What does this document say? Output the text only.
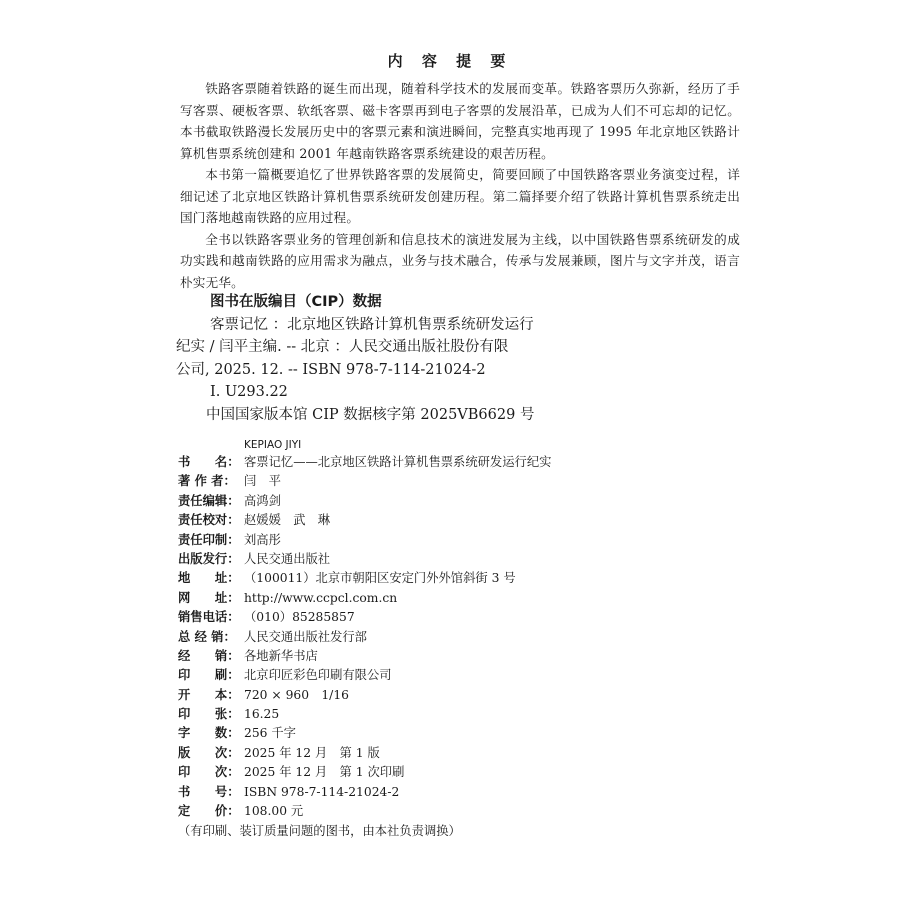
内 容 提 要

铁路客票随着铁路的诞生而出现，随着科学技术的发展而变革。铁路客票历久弥新，经历了手写客票、硬板客票、软纸客票、磁卡客票再到电子客票的发展沿革，已成为人们不可忘却的记忆。本书截取铁路漫长发展历史中的客票元素和演进瞬间，完整真实地再现了 1995 年北京地区铁路计算机售票系统创建和 2001 年越南铁路客票系统建设的艰苦历程。

本书第一篇概要追忆了世界铁路客票的发展简史，简要回顾了中国铁路客票业务演变过程，详细记述了北京地区铁路计算机售票系统研发创建历程。第二篇择要介绍了铁路计算机售票系统走出国门落地越南铁路的应用过程。

全书以铁路客票业务的管理创新和信息技术的演进发展为主线，以中国铁路售票系统研发的成功实践和越南铁路的应用需求为融点，业务与技术融合，传承与发展兼顾，图片与文字并茂，语言朴实无华。

图书在版编目（CIP）数据
客票记忆 ：北京地区铁路计算机售票系统研发运行
纪实 / 闫平主编. -- 北京 ：人民交通出版社股份有限
公司, 2025. 12. -- ISBN 978-7-114-21024-2
Ⅰ. U293.22
中国国家版本馆 CIP 数据核字第 2025VB6629 号
KEPIAO JIYI
书　　名： 客票记忆——北京地区铁路计算机售票系统研发运行纪实
著 作 者： 闫　平
责任编辑： 高鸿剑
责任校对： 赵媛媛　武　琳
责任印制： 刘高彤
出版发行： 人民交通出版社
地　　址： （100011）北京市朝阳区安定门外外馆斜街 3 号
网　　址： http://www.ccpcl.com.cn
销售电话： （010）85285857
总 经 销： 人民交通出版社发行部
经　　销： 各地新华书店
印　　刷： 北京印匠彩色印刷有限公司
开　　本： 720 × 960　1/16
印　　张： 16.25
字　　数： 256 千字
版　　次： 2025 年 12 月　第 1 版
印　　次： 2025 年 12 月　第 1 次印刷
书　　号： ISBN 978-7-114-21024-2
定　　价： 108.00 元
（有印刷、装订质量问题的图书，由本社负责调换）
